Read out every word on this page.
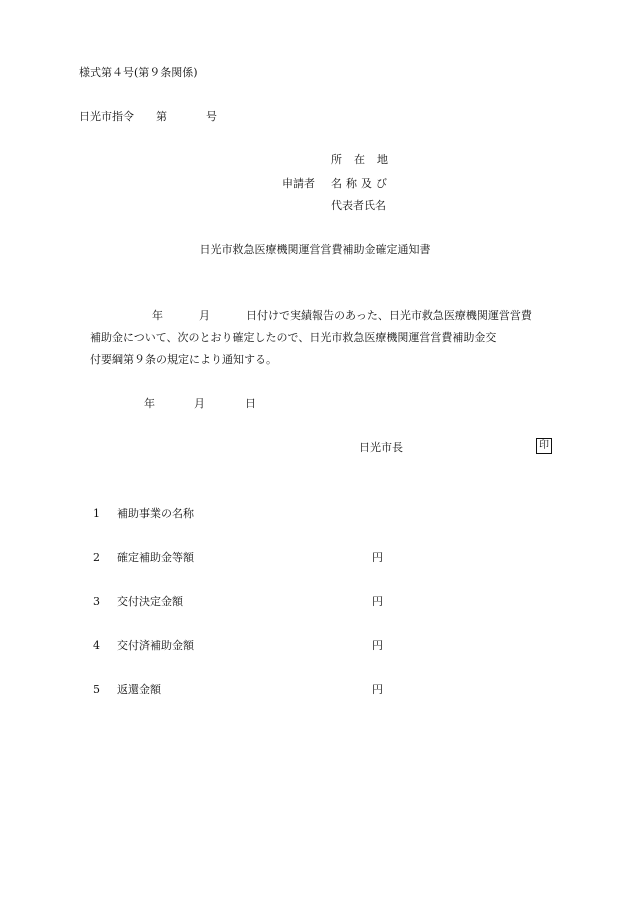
様式第４号(第９条関係)
日光市指令 第	号
所在地
申請者 名称及び
代表者氏名
日光市救急医療機関運営営費補助金確定通知書

年	月	日付けで実績報告のあった、日光市救急医療機関運営営費

補助金について、次のとおり確定したので、日光市救急医療機関運営営費補助金交

付要綱第９条の規定により通知する。

年	月	日
日光市長	印
1 補助事業の名称
2 確定補助金等額	円
3 交付決定金額	円
4 交付済補助金額	円
5 返還金額	円
